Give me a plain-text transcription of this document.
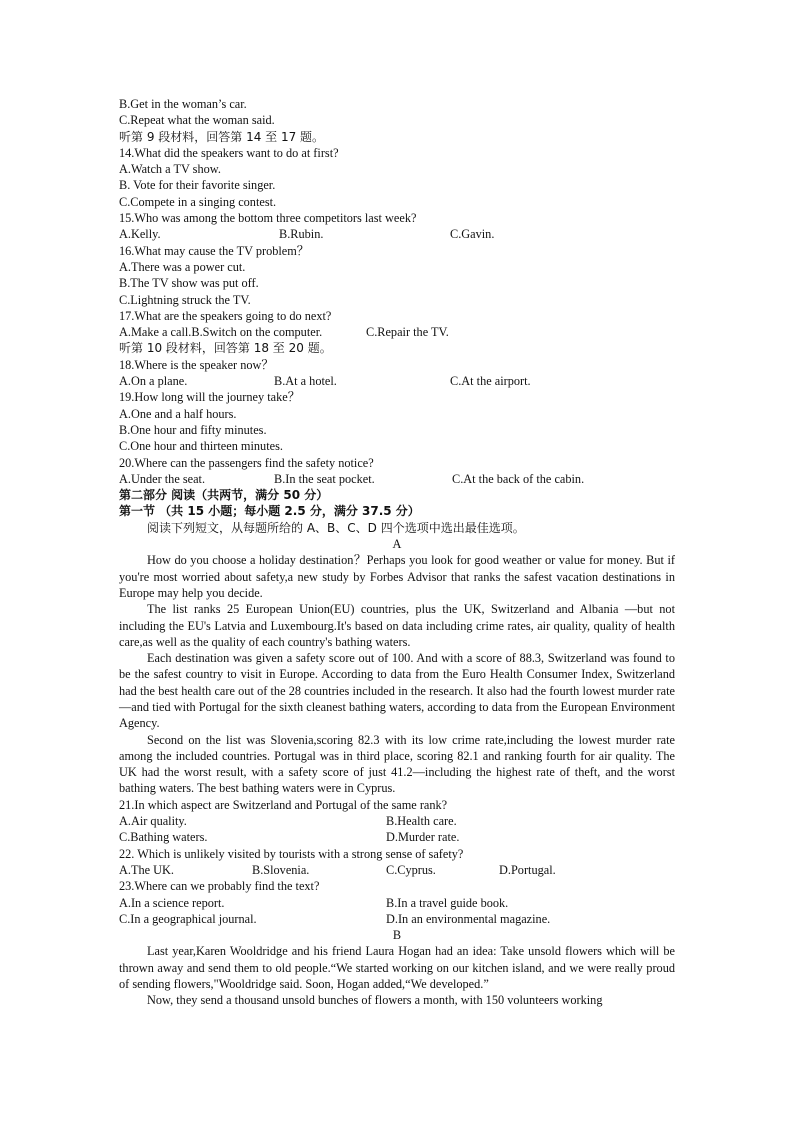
B.Get in the woman’s car.
C.Repeat what the woman said.
听第 9 段材料，回答第 14 至 17 题。
14.What did the speakers want to do at first?
A.Watch a TV show.
B. Vote for their favorite singer.
C.Compete in a singing contest.
15.Who was among the bottom three competitors last week?
A.Kelly.	B.Rubin.	C.Gavin.
16.What may cause the TV problem？
A.There was a power cut.
B.The TV show was put off.
C.Lightning struck the TV.
17.What are the speakers going to do next?
A.Make a call.B.Switch on the computer.	C.Repair the TV.
听第 10 段材料，回答第 18 至 20 题。
18.Where is the speaker now？
A.On a plane.	B.At a hotel.	C.At the airport.
19.How long will the journey take？
A.One and a half hours.
B.One hour and fifty minutes.
C.One hour and thirteen minutes.
20.Where can the passengers find the safety notice?
A.Under the seat.	B.In the seat pocket.	C.At the back of the cabin.
第二部分 阅读（共两节，满分 50 分）
第一节 （共 15 小题；每小题 2.5 分，满分 37.5 分）
阅读下列短文，从每题所给的 A、B、C、D 四个选项中选出最佳选项。
A

How do you choose a holiday destination？Perhaps you look for good weather or value for money. But if you're most worried about safety,a new study by Forbes Advisor that ranks the safest vacation destinations in Europe may help you decide.

The list ranks 25 European Union(EU) countries, plus the UK, Switzerland and Albania —but not including the EU's Latvia and Luxembourg.It's based on data including crime rates, air quality, quality of health care,as well as the quality of each country's bathing waters.

Each destination was given a safety score out of 100. And with a score of 88.3, Switzerland was found to be the safest country to visit in Europe. According to data from the Euro Health Consumer Index, Switzerland had the best health care out of the 28 countries included in the research. It also had the fourth lowest murder rate—and tied with Portugal for the sixth cleanest bathing waters, according to data from the European Environment Agency.

Second on the list was Slovenia,scoring 82.3 with its low crime rate,including the lowest murder rate among the included countries. Portugal was in third place, scoring 82.1 and ranking fourth for air quality. The UK had the worst result, with a safety score of just 41.2—including the highest rate of theft, and the worst bathing waters. The best bathing waters were in Cyprus.

21.In which aspect are Switzerland and Portugal of the same rank?
A.Air quality.	B.Health care.
C.Bathing waters.	D.Murder rate.
22. Which is unlikely visited by tourists with a strong sense of safety?
A.The UK.	B.Slovenia.	C.Cyprus.	D.Portugal.
23.Where can we probably find the text?
A.In a science report.	B.In a travel guide book.
C.In a geographical journal.	D.In an environmental magazine.
B

Last year,Karen Wooldridge and his friend Laura Hogan had an idea: Take unsold flowers which will be thrown away and send them to old people.“We started working on our kitchen island, and we were really proud of sending flowers,"Wooldridge said. Soon, Hogan added,“We developed.”

Now, they send a thousand unsold bunches of flowers a month, with 150 volunteers working
